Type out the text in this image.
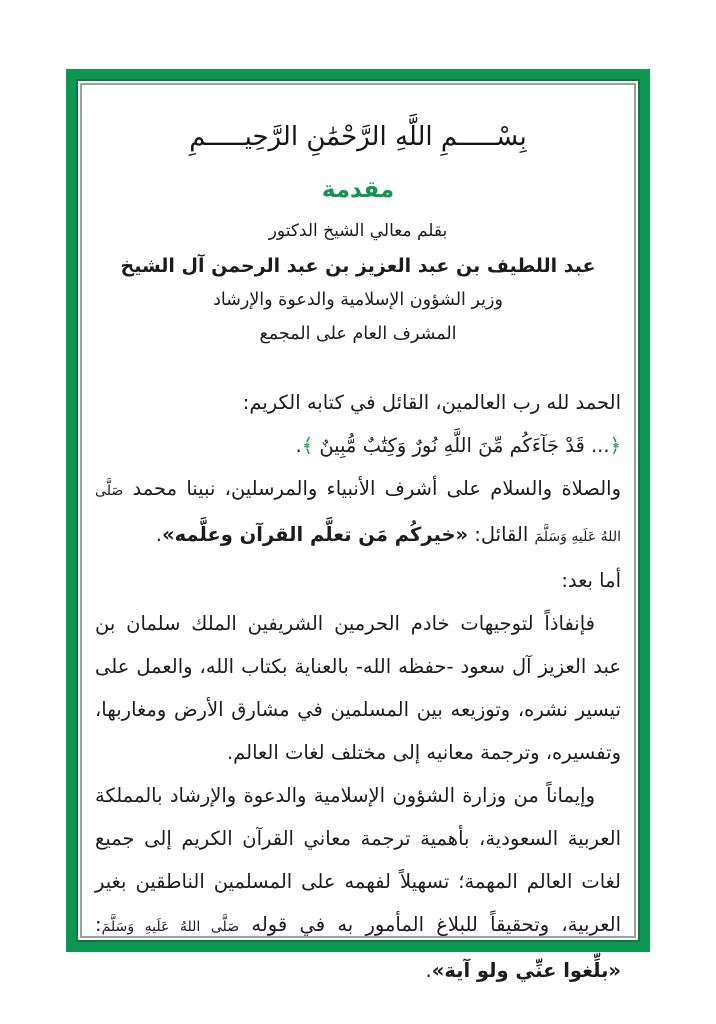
بِسْـــــمِ اللَّهِ الرَّحْمَٰنِ الرَّحِيـــــمِ
مقدمة
بقلم معالي الشيخ الدكتور
عبد اللطيف بن عبد العزيز بن عبد الرحمن آل الشيخ
وزير الشؤون الإسلامية والدعوة والإرشاد
المشرف العام على المجمع

الحمد لله رب العالمين، القائل في كتابه الكريم:

﴿... قَدْ جَآءَكُم مِّنَ اللَّهِ نُورٌ وَكِتَٰبٌ مُّبِينٌ ﴾.

والصلاة والسلام على أشرف الأنبياء والمرسلين، نبينا محمد صَلَّى اللهُ عَلَيهِ وَسَلَّمَ القائل: «خيركُم مَن تعلَّم القرآن وعلَّمه».

أما بعد:

فإنفاذاً لتوجيهات خادم الحرمين الشريفين الملك سلمان بن عبد العزيز آل سعود -حفظه الله- بالعناية بكتاب الله، والعمل على تيسير نشره، وتوزيعه بين المسلمين في مشارق الأرض ومغاربها، وتفسيره، وترجمة معانيه إلى مختلف لغات العالم.

وإيماناً من وزارة الشؤون الإسلامية والدعوة والإرشاد بالمملكة العربية السعودية، بأهمية ترجمة معاني القرآن الكريم إلى جميع لغات العالم المهمة؛ تسهيلاً لفهمه على المسلمين الناطقين بغير العربية، وتحقيقاً للبلاغ المأمور به في قوله صَلَّى اللهُ عَلَيهِ وَسَلَّمَ: «بلِّغوا عنِّي ولو آية».
